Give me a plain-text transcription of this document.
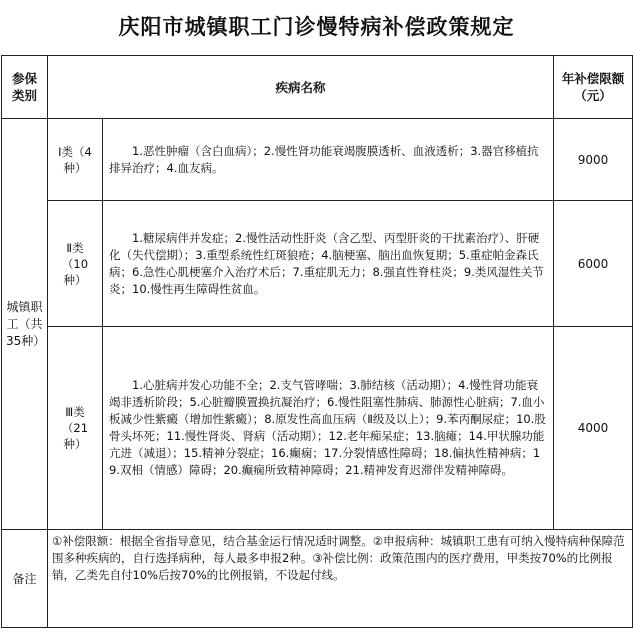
庆阳市城镇职工门诊慢特病补偿政策规定
参保类别	疾病名称		年补偿限额（元）
城镇职工（共35种）	Ⅰ类（4种）	1.恶性肿瘤（含白血病）；2.慢性肾功能衰竭腹膜透析、血液透析；3.器官移植抗排异治疗；4.血友病。	9000
	Ⅱ类（10种）	1.糖尿病伴并发症；2.慢性活动性肝炎（含乙型、丙型肝炎的干扰素治疗）、肝硬化（失代偿期）；3.重型系统性红斑狼疮；4.脑梗塞、脑出血恢复期；5.重症帕金森氏病；6.急性心肌梗塞介入治疗术后；7.重症肌无力；8.强直性脊柱炎；9.类风湿性关节炎；10.慢性再生障碍性贫血。	6000
	Ⅲ类（21种）	1.心脏病并发心功能不全；2.支气管哮喘；3.肺结核（活动期）；4.慢性肾功能衰竭非透析阶段；5.心脏瓣膜置换抗凝治疗；6.慢性阻塞性肺病、肺源性心脏病；7.血小板减少性紫癜（增加性紫癜）；8.原发性高血压病（Ⅱ级及以上）；9.苯丙酮尿症；10.股骨头坏死；11.慢性肾炎、肾病（活动期）；12.老年痴呆症；13.脑瘫；14.甲状腺功能亢进（减退）；15.精神分裂症；16.癫痫；17.分裂情感性障碍；18.偏执性精神病；19.双相（情感）障碍；20.癫痫所致精神障碍；21.精神发育迟滞伴发精神障碍。	4000
备注	①补偿限额：根据全省指导意见，结合基金运行情况适时调整。②申报病种：城镇职工患有可纳入慢特病种保障范围多种疾病的，自行选择病种，每人最多申报2种。③补偿比例：政策范围内的医疗费用，甲类按70%的比例报销，乙类先自付10%后按70%的比例报销，不设起付线。		
